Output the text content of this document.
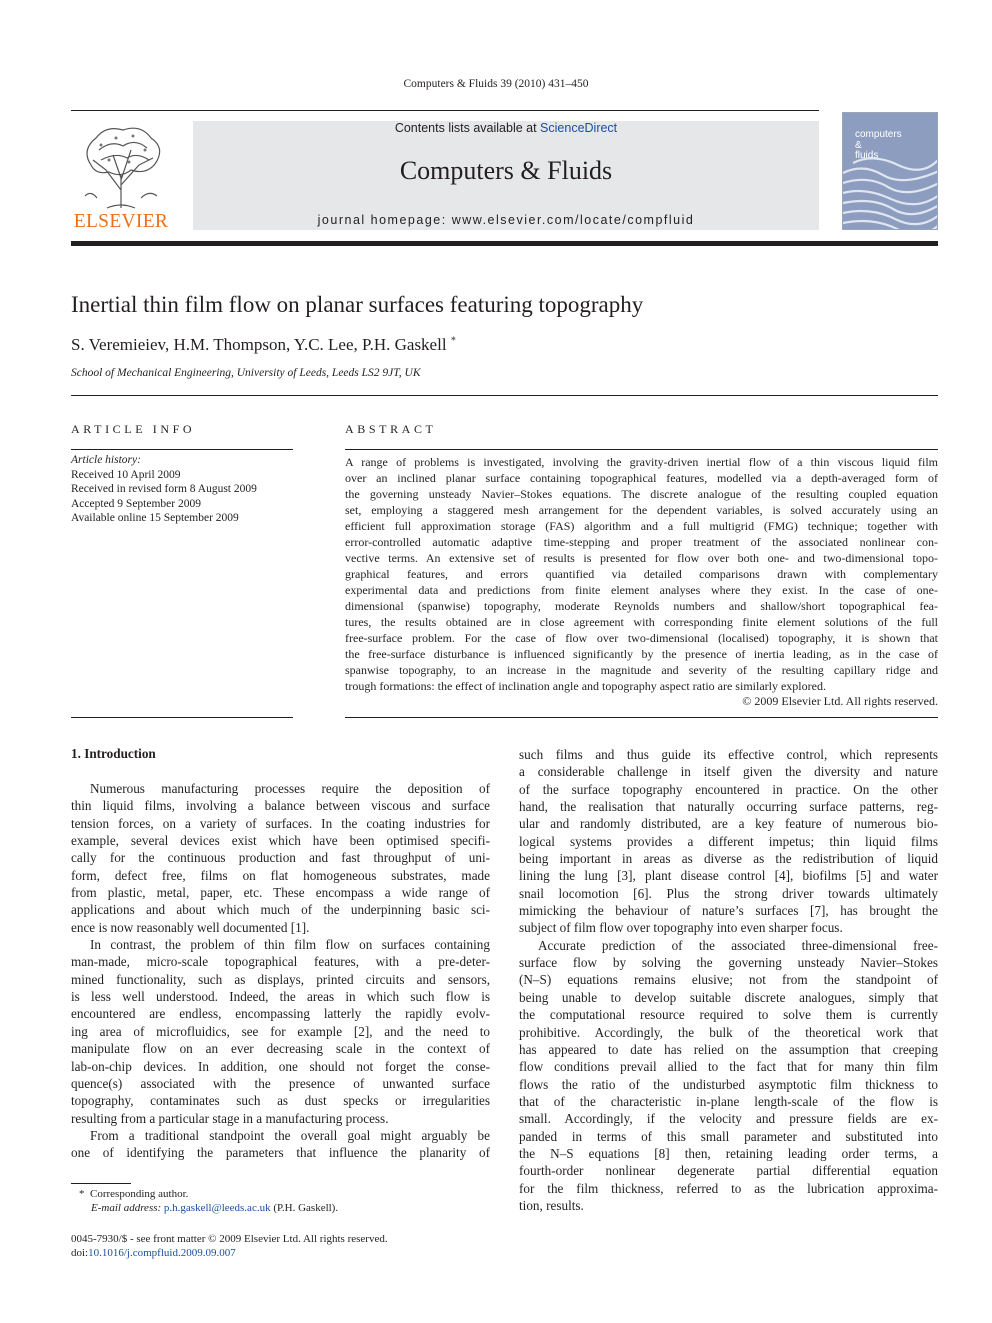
Computers & Fluids 39 (2010) 431–450
ELSEVIER
Contents lists available at ScienceDirect
Computers & Fluids
journal homepage: www.elsevier.com/locate/compfluid
computers
&
fluids
Inertial thin film flow on planar surfaces featuring topography
S. Veremieiev, H.M. Thompson, Y.C. Lee, P.H. Gaskell *
School of Mechanical Engineering, University of Leeds, Leeds LS2 9JT, UK
ARTICLE INFO
Article history:
Received 10 April 2009
Received in revised form 8 August 2009
Accepted 9 September 2009
Available online 15 September 2009
ABSTRACT
A range of problems is investigated, involving the gravity-driven inertial flow of a thin viscous liquid film
over an inclined planar surface containing topographical features, modelled via a depth-averaged form of
the governing unsteady Navier–Stokes equations. The discrete analogue of the resulting coupled equation
set, employing a staggered mesh arrangement for the dependent variables, is solved accurately using an
efficient full approximation storage (FAS) algorithm and a full multigrid (FMG) technique; together with
error-controlled automatic adaptive time-stepping and proper treatment of the associated nonlinear con-
vective terms. An extensive set of results is presented for flow over both one- and two-dimensional topo-
graphical features, and errors quantified via detailed comparisons drawn with complementary
experimental data and predictions from finite element analyses where they exist. In the case of one-
dimensional (spanwise) topography, moderate Reynolds numbers and shallow/short topographical fea-
tures, the results obtained are in close agreement with corresponding finite element solutions of the full
free-surface problem. For the case of flow over two-dimensional (localised) topography, it is shown that
the free-surface disturbance is influenced significantly by the presence of inertia leading, as in the case of
spanwise topography, to an increase in the magnitude and severity of the resulting capillary ridge and
trough formations: the effect of inclination angle and topography aspect ratio are similarly explored.
© 2009 Elsevier Ltd. All rights reserved.
1. Introduction
Numerous manufacturing processes require the deposition of
thin liquid films, involving a balance between viscous and surface
tension forces, on a variety of surfaces. In the coating industries for
example, several devices exist which have been optimised specifi-
cally for the continuous production and fast throughput of uni-
form, defect free, films on flat homogeneous substrates, made
from plastic, metal, paper, etc. These encompass a wide range of
applications and about which much of the underpinning basic sci-
ence is now reasonably well documented [1].
In contrast, the problem of thin film flow on surfaces containing
man-made, micro-scale topographical features, with a pre-deter-
mined functionality, such as displays, printed circuits and sensors,
is less well understood. Indeed, the areas in which such flow is
encountered are endless, encompassing latterly the rapidly evolv-
ing area of microfluidics, see for example [2], and the need to
manipulate flow on an ever decreasing scale in the context of
lab-on-chip devices. In addition, one should not forget the conse-
quence(s) associated with the presence of unwanted surface
topography, contaminates such as dust specks or irregularities
resulting from a particular stage in a manufacturing process.
From a traditional standpoint the overall goal might arguably be
one of identifying the parameters that influence the planarity of
such films and thus guide its effective control, which represents
a considerable challenge in itself given the diversity and nature
of the surface topography encountered in practice. On the other
hand, the realisation that naturally occurring surface patterns, reg-
ular and randomly distributed, are a key feature of numerous bio-
logical systems provides a different impetus; thin liquid films
being important in areas as diverse as the redistribution of liquid
lining the lung [3], plant disease control [4], biofilms [5] and water
snail locomotion [6]. Plus the strong driver towards ultimately
mimicking the behaviour of nature’s surfaces [7], has brought the
subject of film flow over topography into even sharper focus.
Accurate prediction of the associated three-dimensional free-
surface flow by solving the governing unsteady Navier–Stokes
(N–S) equations remains elusive; not from the standpoint of
being unable to develop suitable discrete analogues, simply that
the computational resource required to solve them is currently
prohibitive. Accordingly, the bulk of the theoretical work that
has appeared to date has relied on the assumption that creeping
flow conditions prevail allied to the fact that for many thin film
flows the ratio of the undisturbed asymptotic film thickness to
that of the characteristic in-plane length-scale of the flow is
small. Accordingly, if the velocity and pressure fields are ex-
panded in terms of this small parameter and substituted into
the N–S equations [8] then, retaining leading order terms, a
fourth-order nonlinear degenerate partial differential equation
for the film thickness, referred to as the lubrication approxima-
tion, results.
* Corresponding author.
E-mail address: p.h.gaskell@leeds.ac.uk (P.H. Gaskell).
0045-7930/$ - see front matter © 2009 Elsevier Ltd. All rights reserved.
doi:10.1016/j.compfluid.2009.09.007
